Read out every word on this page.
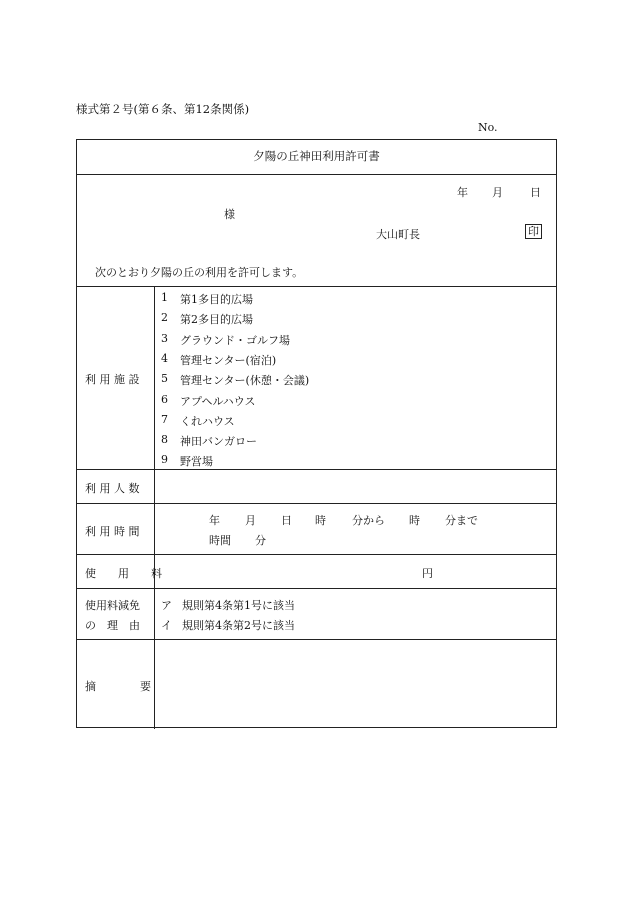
様式第２号(第６条、第12条関係)
No.
夕陽の丘神田利用許可書
年 月 日
様
大山町長	印
次のとおり夕陽の丘の利用を許可します。
利 用 施 設
1 第1多目的広場
2 第2多目的広場
3 グラウンド・ゴルフ場
4 管理センター(宿泊)
5 管理センター(休憩・会議)
6 アプヘルハウス
7 くれハウス
8 神田バンガロー
9 野営場
利 用 人 数
利 用 時 間
年 月 日 時 分から 時 分まで
時間 分
使　　用　　料	円
使用料減免
の　理　由
ア 規則第4条第1号に該当
イ 規則第4条第2号に該当
摘　　　　要
